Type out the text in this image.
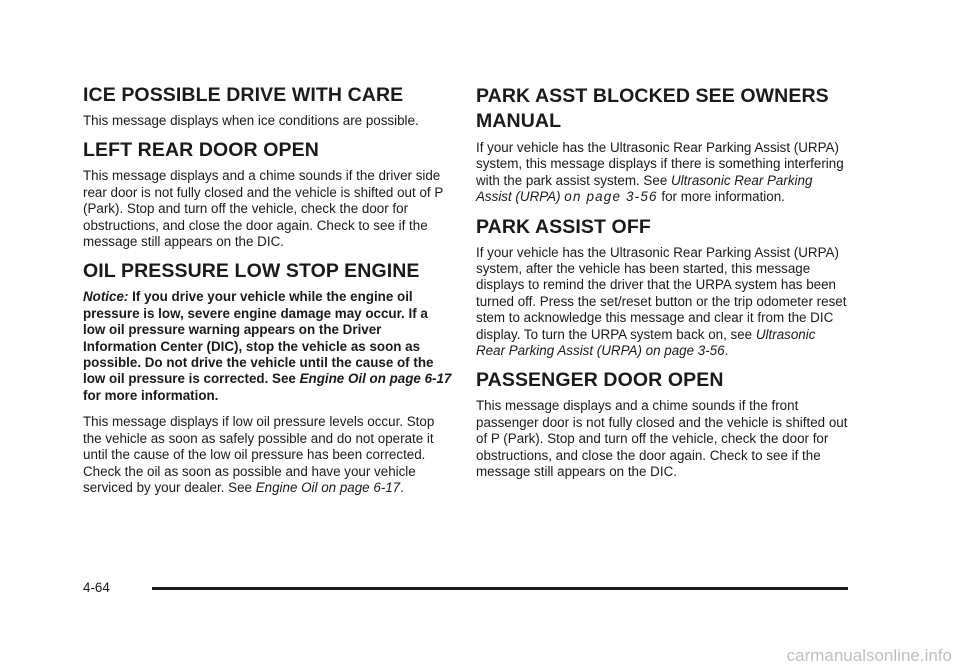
ICE POSSIBLE DRIVE WITH CARE

This message displays when ice conditions are possible.

LEFT REAR DOOR OPEN

This message displays and a chime sounds if the driver side rear door is not fully closed and the vehicle is shifted out of P (Park). Stop and turn off the vehicle, check the door for obstructions, and close the door again. Check to see if the message still appears on the DIC.

OIL PRESSURE LOW STOP ENGINE

Notice: If you drive your vehicle while the engine oil pressure is low, severe engine damage may occur. If a low oil pressure warning appears on the Driver Information Center (DIC), stop the vehicle as soon as possible. Do not drive the vehicle until the cause of the low oil pressure is corrected. See Engine Oil on page 6-17 for more information.

This message displays if low oil pressure levels occur. Stop the vehicle as soon as safely possible and do not operate it until the cause of the low oil pressure has been corrected. Check the oil as soon as possible and have your vehicle serviced by your dealer. See Engine Oil on page 6-17.

PARK ASST BLOCKED SEE OWNERS MANUAL

If your vehicle has the Ultrasonic Rear Parking Assist (URPA) system, this message displays if there is something interfering with the park assist system. See Ultrasonic Rear Parking Assist (URPA) on page 3-56 for more information.

PARK ASSIST OFF

If your vehicle has the Ultrasonic Rear Parking Assist (URPA) system, after the vehicle has been started, this message displays to remind the driver that the URPA system has been turned off. Press the set/reset button or the trip odometer reset stem to acknowledge this message and clear it from the DIC display. To turn the URPA system back on, see Ultrasonic Rear Parking Assist (URPA) on page 3-56.

PASSENGER DOOR OPEN

This message displays and a chime sounds if the front passenger door is not fully closed and the vehicle is shifted out of P (Park). Stop and turn off the vehicle, check the door for obstructions, and close the door again. Check to see if the message still appears on the DIC.

4-64
carmanualsonline.info
